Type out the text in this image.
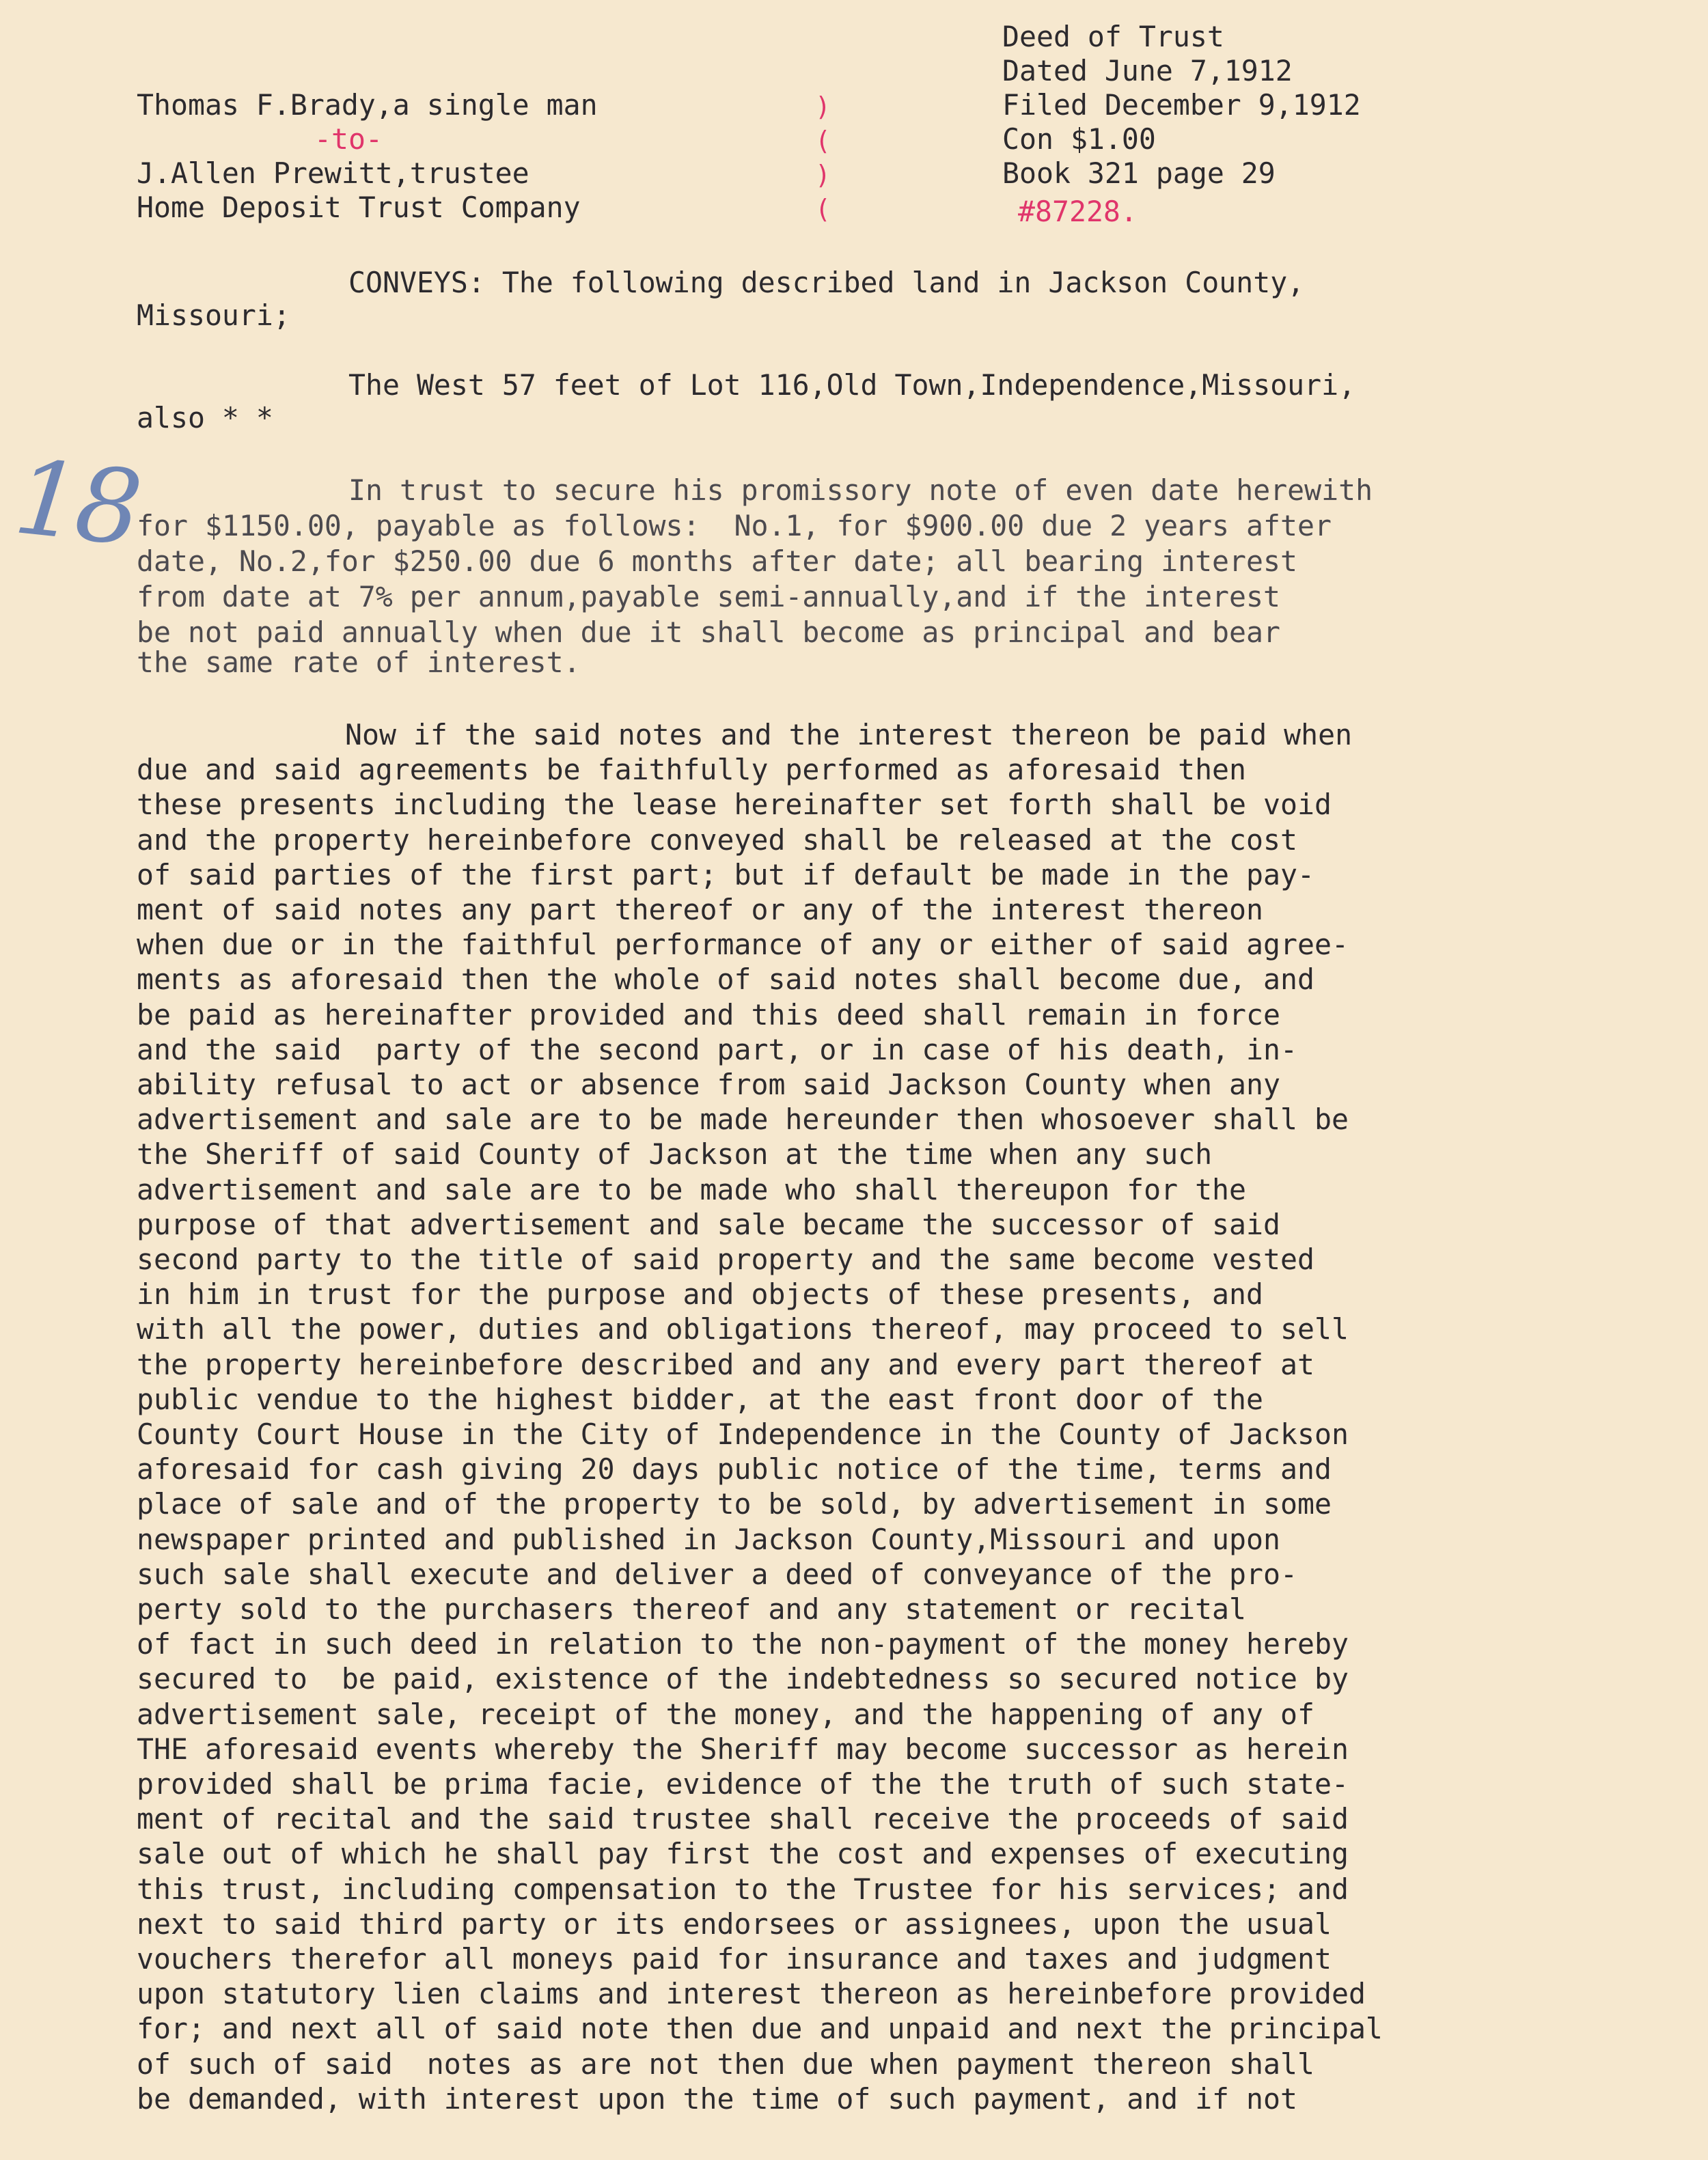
18
Deed of Trust
Dated June 7,1912
Filed December 9,1912
Con $1.00
Book 321 page 29
#87228.
Thomas F.Brady,a single man
-to-
J.Allen Prewitt,trustee
Home Deposit Trust Company
)
(
)
(
CONVEYS: The following described land in Jackson County,
Missouri;
The West 57 feet of Lot 116,Old Town,Independence,Missouri,
also * *
In trust to secure his promissory note of even date herewith
for $1150.00, payable as follows:  No.1, for $900.00 due 2 years after
date, No.2,for $250.00 due 6 months after date; all bearing interest
from date at 7% per annum,payable semi-annually,and if the interest
be not paid annually when due it shall become as principal and bear
the same rate of interest.
Now if the said notes and the interest thereon be paid when
due and said agreements be faithfully performed as aforesaid then
these presents including the lease hereinafter set forth shall be void
and the property hereinbefore conveyed shall be released at the cost
of said parties of the first part; but if default be made in the pay-
ment of said notes any part thereof or any of the interest thereon
when due or in the faithful performance of any or either of said agree-
ments as aforesaid then the whole of said notes shall become due, and
be paid as hereinafter provided and this deed shall remain in force
and the said  party of the second part, or in case of his death, in-
ability refusal to act or absence from said Jackson County when any
advertisement and sale are to be made hereunder then whosoever shall be
the Sheriff of said County of Jackson at the time when any such
advertisement and sale are to be made who shall thereupon for the
purpose of that advertisement and sale became the successor of said
second party to the title of said property and the same become vested
in him in trust for the purpose and objects of these presents, and
with all the power, duties and obligations thereof, may proceed to sell
the property hereinbefore described and any and every part thereof at
public vendue to the highest bidder, at the east front door of the
County Court House in the City of Independence in the County of Jackson
aforesaid for cash giving 20 days public notice of the time, terms and
place of sale and of the property to be sold, by advertisement in some
newspaper printed and published in Jackson County,Missouri and upon
such sale shall execute and deliver a deed of conveyance of the pro-
perty sold to the purchasers thereof and any statement or recital
of fact in such deed in relation to the non-payment of the money hereby
secured to  be paid, existence of the indebtedness so secured notice by
advertisement sale, receipt of the money, and the happening of any of
THE aforesaid events whereby the Sheriff may become successor as herein
provided shall be prima facie, evidence of the the truth of such state-
ment of recital and the said trustee shall receive the proceeds of said
sale out of which he shall pay first the cost and expenses of executing
this trust, including compensation to the Trustee for his services; and
next to said third party or its endorsees or assignees, upon the usual
vouchers therefor all moneys paid for insurance and taxes and judgment
upon statutory lien claims and interest thereon as hereinbefore provided
for; and next all of said note then due and unpaid and next the principal
of such of said  notes as are not then due when payment thereon shall
be demanded, with interest upon the time of such payment, and if not
